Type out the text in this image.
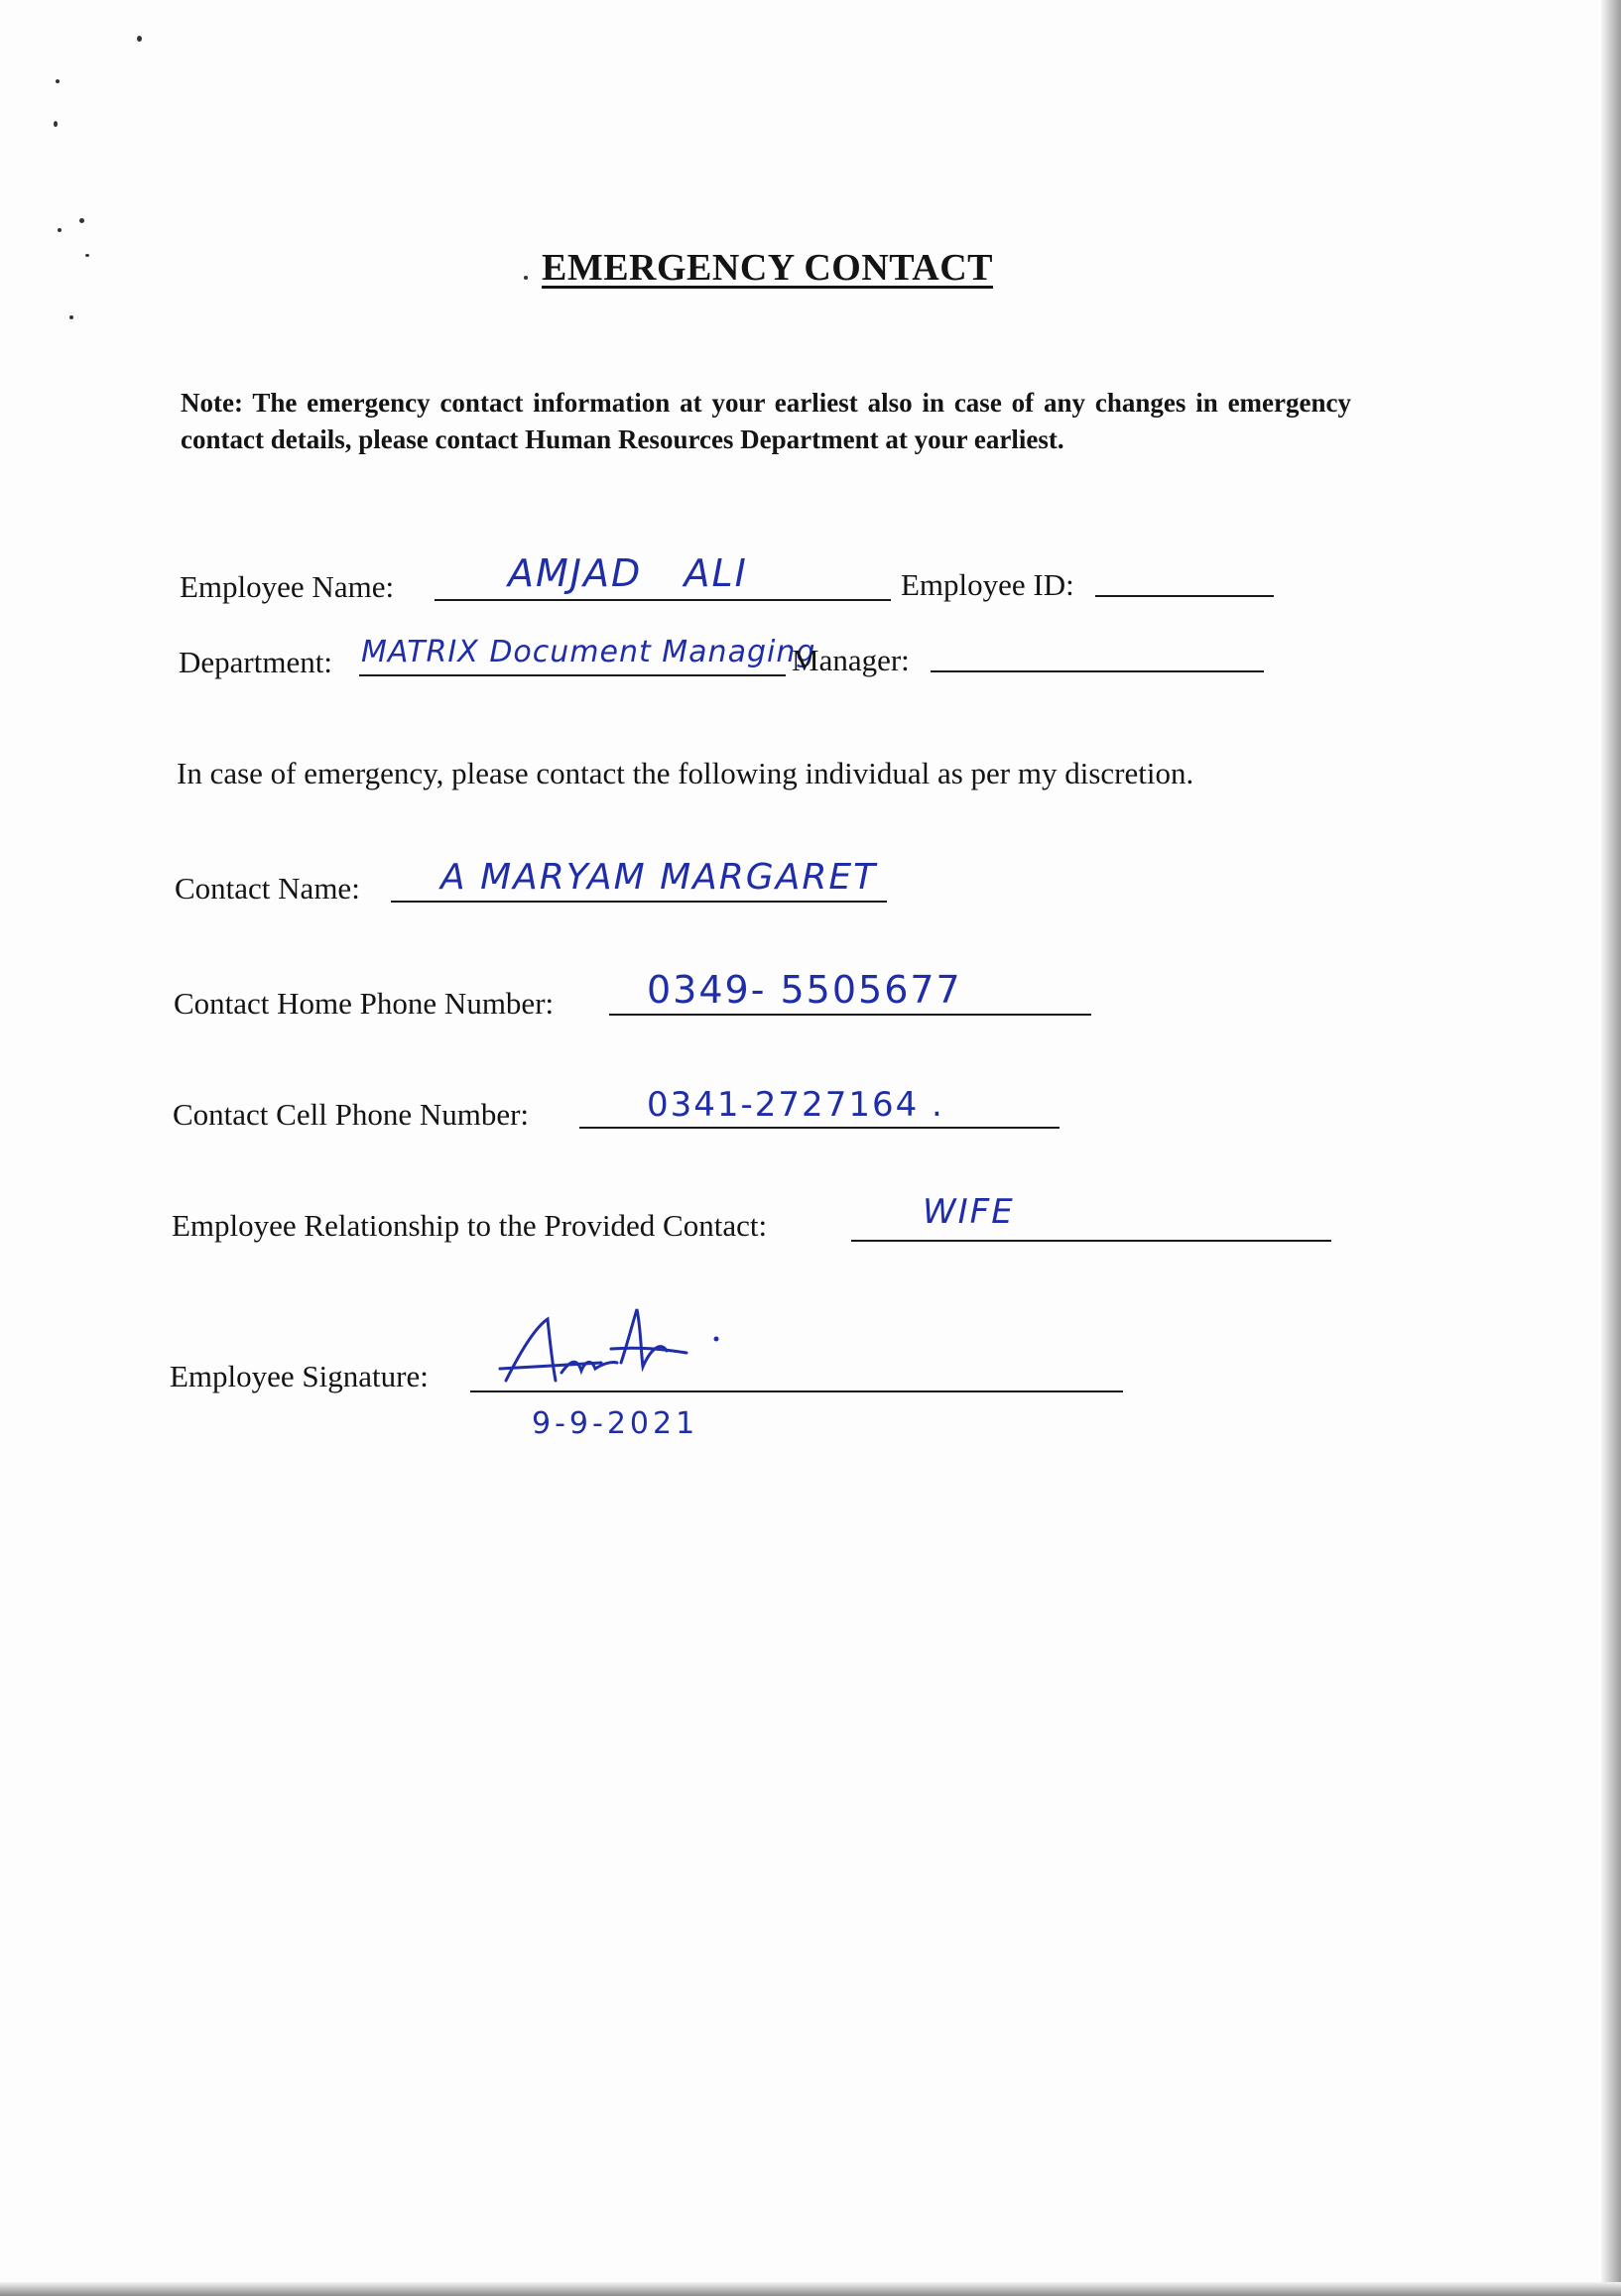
EMERGENCY CONTACT
Note: The emergency contact information at your earliest also in case of any changes in emergency contact details, please contact Human Resources Department at your earliest.
Employee Name:	AMJAD   ALI	Employee ID:
Department: MATRIX Document Managing
Manager:
In case of emergency, please contact the following individual as per my discretion.
Contact Name: A MARYAM MARGARET
Contact Home Phone Number: 0349- 5505677
Contact Cell Phone Number:	0341-2727164 .
Employee Relationship to the Provided Contact:	WIFE
Employee Signature:
9-9-2021
